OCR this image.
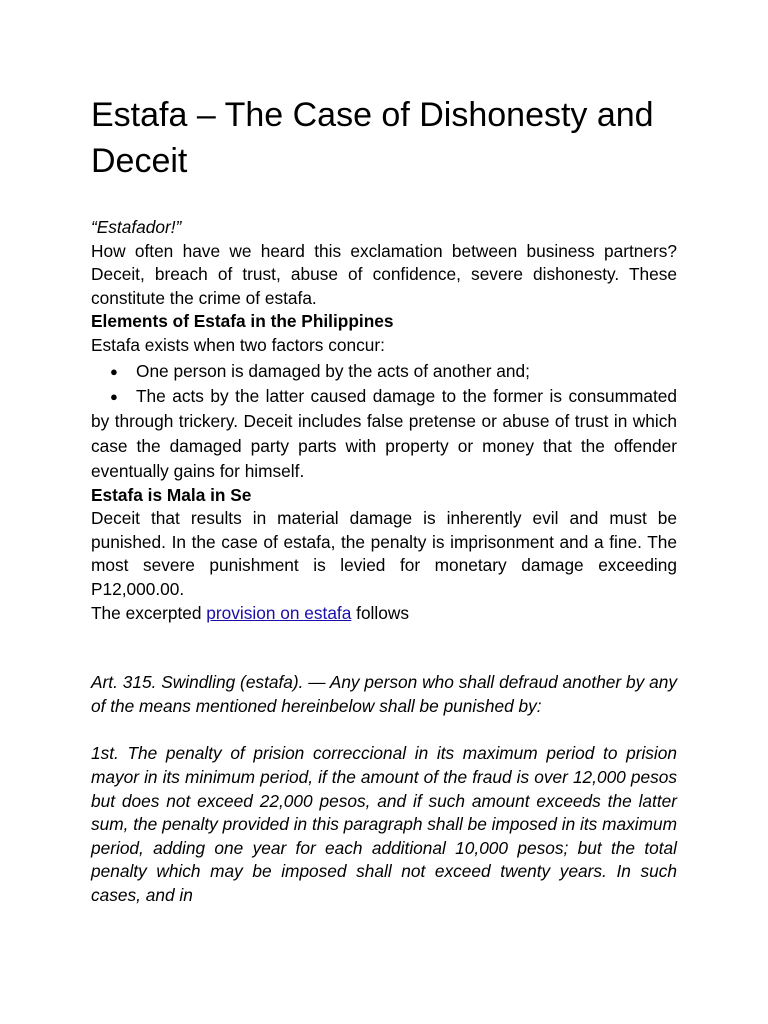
Estafa – The Case of Dishonesty and Deceit

“Estafador!”

How often have we heard this exclamation between business partners? Deceit, breach of trust, abuse of confidence, severe dishonesty. These constitute the crime of estafa.

Elements of Estafa in the Philippines

Estafa exists when two factors concur:

● One person is damaged by the acts of another and;
● The acts by the latter caused damage to the former is consummated by through trickery. Deceit includes false pretense or abuse of trust in which case the damaged party parts with property or money that the offender eventually gains for himself.

Estafa is Mala in Se

Deceit that results in material damage is inherently evil and must be punished. In the case of estafa, the penalty is imprisonment and a fine. The most severe punishment is levied for monetary damage exceeding P12,000.00.

The excerpted provision on estafa follows

Art. 315. Swindling (estafa). — Any person who shall defraud another by any of the means mentioned hereinbelow shall be punished by:

1st. The penalty of prision correccional in its maximum period to prision mayor in its minimum period, if the amount of the fraud is over 12,000 pesos but does not exceed 22,000 pesos, and if such amount exceeds the latter sum, the penalty provided in this paragraph shall be imposed in its maximum period, adding one year for each additional 10,000 pesos; but the total penalty which may be imposed shall not exceed twenty years. In such cases, and in
